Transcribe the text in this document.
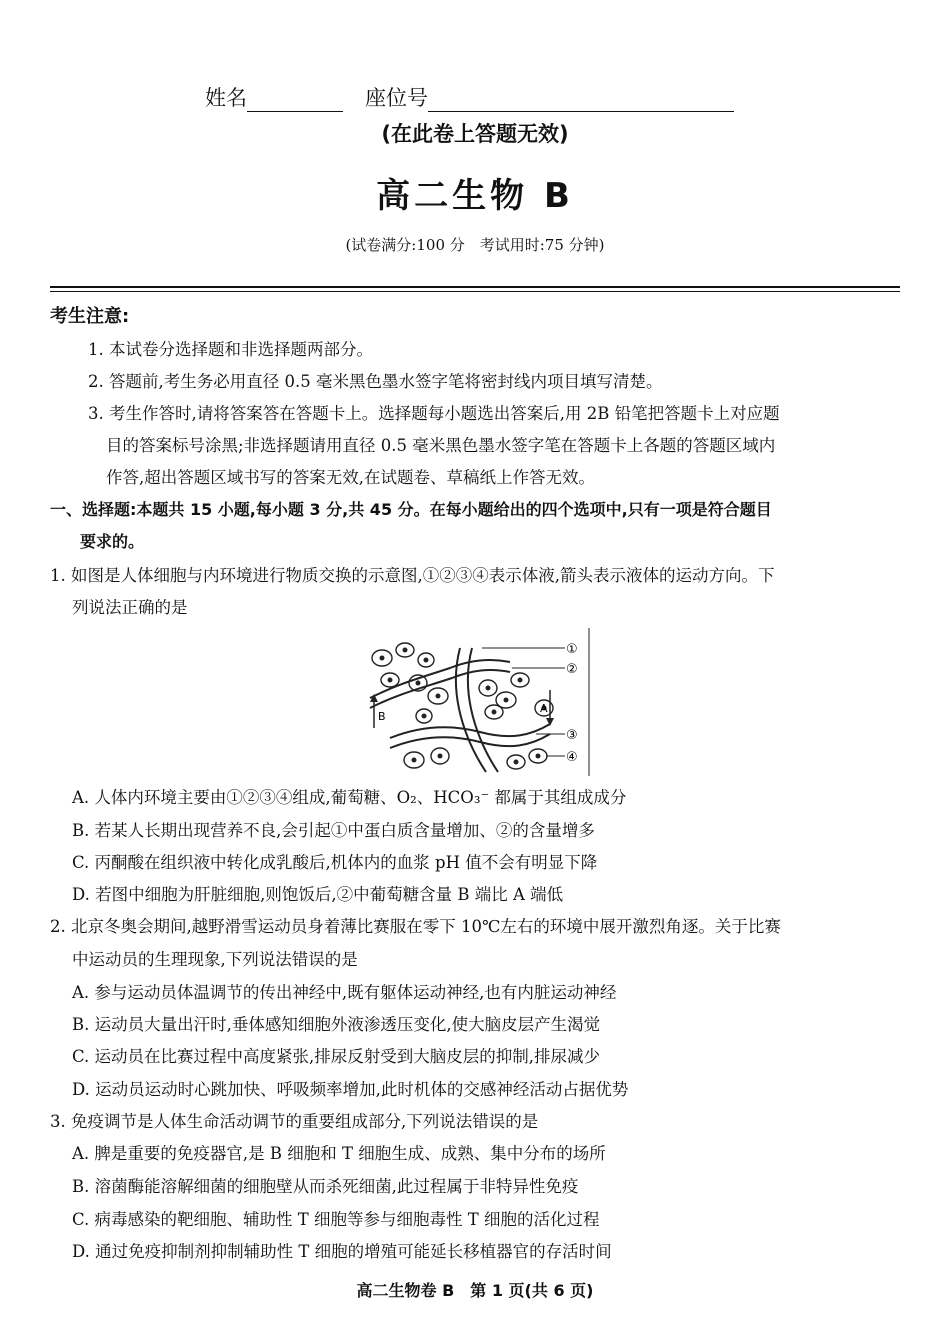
姓名	座位号
(在此卷上答题无效)
高二生物 B
(试卷满分:100 分　考试用时:75 分钟)
考生注意:
1. 本试卷分选择题和非选择题两部分。
2. 答题前,考生务必用直径 0.5 毫米黑色墨水签字笔将密封线内项目填写清楚。
3. 考生作答时,请将答案答在答题卡上。选择题每小题选出答案后,用 2B 铅笔把答题卡上对应题
目的答案标号涂黑;非选择题请用直径 0.5 毫米黑色墨水签字笔在答题卡上各题的答题区域内
作答,超出答题区域书写的答案无效,在试题卷、草稿纸上作答无效。
一、选择题:本题共 15 小题,每小题 3 分,共 45 分。在每小题给出的四个选项中,只有一项是符合题目
要求的。
1. 如图是人体细胞与内环境进行物质交换的示意图,①②③④表示体液,箭头表示液体的运动方向。下
列说法正确的是
①
②
③
④
A
B
A. 人体内环境主要由①②③④组成,葡萄糖、O₂、HCO₃⁻ 都属于其组成成分
B. 若某人长期出现营养不良,会引起①中蛋白质含量增加、②的含量增多
C. 丙酮酸在组织液中转化成乳酸后,机体内的血浆 pH 值不会有明显下降
D. 若图中细胞为肝脏细胞,则饱饭后,②中葡萄糖含量 B 端比 A 端低
2. 北京冬奥会期间,越野滑雪运动员身着薄比赛服在零下 10℃左右的环境中展开激烈角逐。关于比赛
中运动员的生理现象,下列说法错误的是
A. 参与运动员体温调节的传出神经中,既有躯体运动神经,也有内脏运动神经
B. 运动员大量出汗时,垂体感知细胞外液渗透压变化,使大脑皮层产生渴觉
C. 运动员在比赛过程中高度紧张,排尿反射受到大脑皮层的抑制,排尿减少
D. 运动员运动时心跳加快、呼吸频率增加,此时机体的交感神经活动占据优势
3. 免疫调节是人体生命活动调节的重要组成部分,下列说法错误的是
A. 脾是重要的免疫器官,是 B 细胞和 T 细胞生成、成熟、集中分布的场所
B. 溶菌酶能溶解细菌的细胞壁从而杀死细菌,此过程属于非特异性免疫
C. 病毒感染的靶细胞、辅助性 T 细胞等参与细胞毒性 T 细胞的活化过程
D. 通过免疫抑制剂抑制辅助性 T 细胞的增殖可能延长移植器官的存活时间
高二生物卷 B　第 1 页(共 6 页)
